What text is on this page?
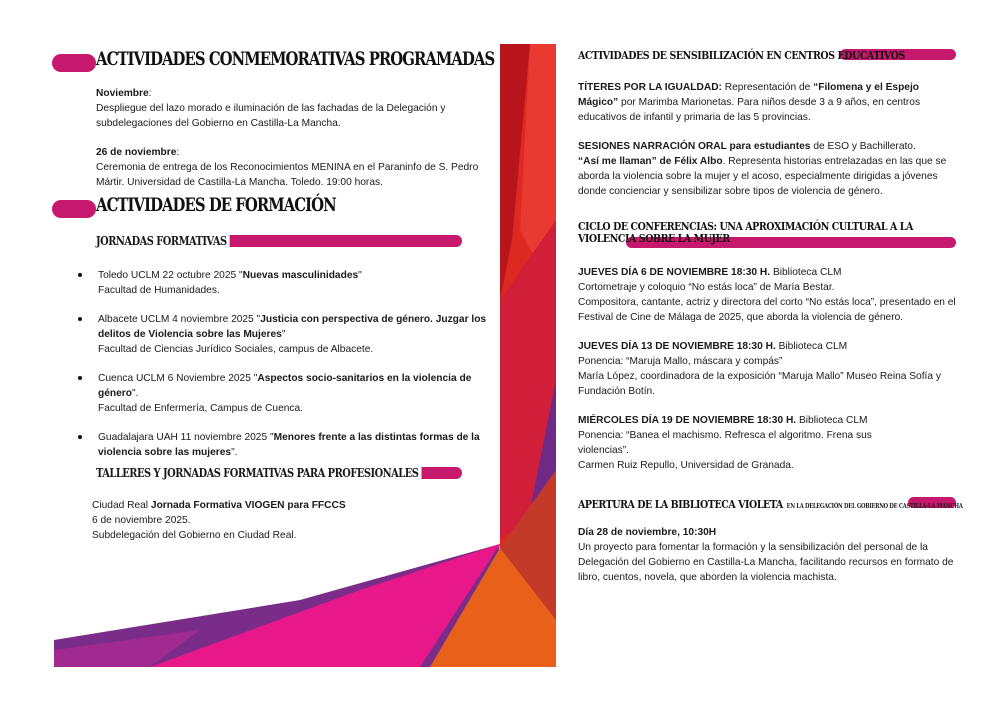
ACTIVIDADES CONMEMORATIVAS PROGRAMADAS

Noviembre:

Despliegue del lazo morado e iluminación de las fachadas de la Delegación y subdelegaciones del Gobierno en Castilla-La Mancha.

26 de noviembre:

Ceremonia de entrega de los Reconocimientos MENINA en el Paraninfo de S. Pedro Mártir. Universidad de Castilla-La Mancha. Toledo. 19:00 horas.

ACTIVIDADES DE FORMACIÓN
JORNADAS FORMATIVAS
Toledo UCLM 22 octubre 2025 "Nuevas masculinidades"
Facultad de Humanidades.
Albacete UCLM 4 noviembre 2025 "Justicia con perspectiva de género. Juzgar los delitos de Violencia sobre las Mujeres"
Facultad de Ciencias Jurídico Sociales, campus de Albacete.
Cuenca UCLM 6 Noviembre 2025 "Aspectos socio-sanitarios en la violencia de género".
Facultad de Enfermería, Campus de Cuenca.
Guadalajara UAH 11 noviembre 2025 "Menores frente a las distintas formas de la violencia sobre las mujeres".
TALLERES Y JORNADAS FORMATIVAS PARA PROFESIONALES

Ciudad Real Jornada Formativa VIOGEN para FFCCS

6 de noviembre 2025.

Subdelegación del Gobierno en Ciudad Real.

ACTIVIDADES DE SENSIBILIZACIÓN EN CENTROS EDUCATIVOS

TÍTERES POR LA IGUALDAD: Representación de “Filomena y el Espejo Mágico” por Marimba Marionetas. Para niños desde 3 a 9 años, en centros educativos de infantil y primaria de las 5 provincias.

SESIONES NARRACIÓN ORAL para estudiantes de ESO y Bachillerato.
“Así me llaman” de Félix Albo. Representa historias entrelazadas en las que se aborda la violencia sobre la mujer y el acoso, especialmente dirigidas a jóvenes donde concienciar y sensibilizar sobre tipos de violencia de género.

CICLO DE CONFERENCIAS: UNA APROXIMACIÓN CULTURAL A LA VIOLENCIA SOBRE LA MUJER

JUEVES DÍA 6 DE NOVIEMBRE 18:30 H. Biblioteca CLM

Cortometraje y coloquio “No estás loca” de María Bestar.

Compositora, cantante, actriz y directora del corto “No estás loca”, presentado en el Festival de Cine de Málaga de 2025, que aborda la violencia de género.

JUEVES DÍA 13 DE NOVIEMBRE 18:30 H. Biblioteca CLM

Ponencia: “Maruja Mallo, máscara y compás”

María López, coordinadora de la exposición “Maruja Mallo” Museo Reina Sofía y Fundación Botín.

MIÉRCOLES DÍA 19 DE NOVIEMBRE 18:30 H. Biblioteca CLM

Ponencia: “Banea el machismo. Refresca el algoritmo. Frena sus violencias”.

Carmen Ruiz Repullo, Universidad de Granada.

APERTURA DE LA BIBLIOTECA VIOLETA EN LA DELEGACIÓN DEL GOBIERNO DE CASTILLA-LA MANCHA

Día 28 de noviembre, 10:30H

Un proyecto para fomentar la formación y la sensibilización del personal de la Delegación del Gobierno en Castilla-La Mancha, facilitando recursos en formato de libro, cuentos, novela, que aborden la violencia machista.
